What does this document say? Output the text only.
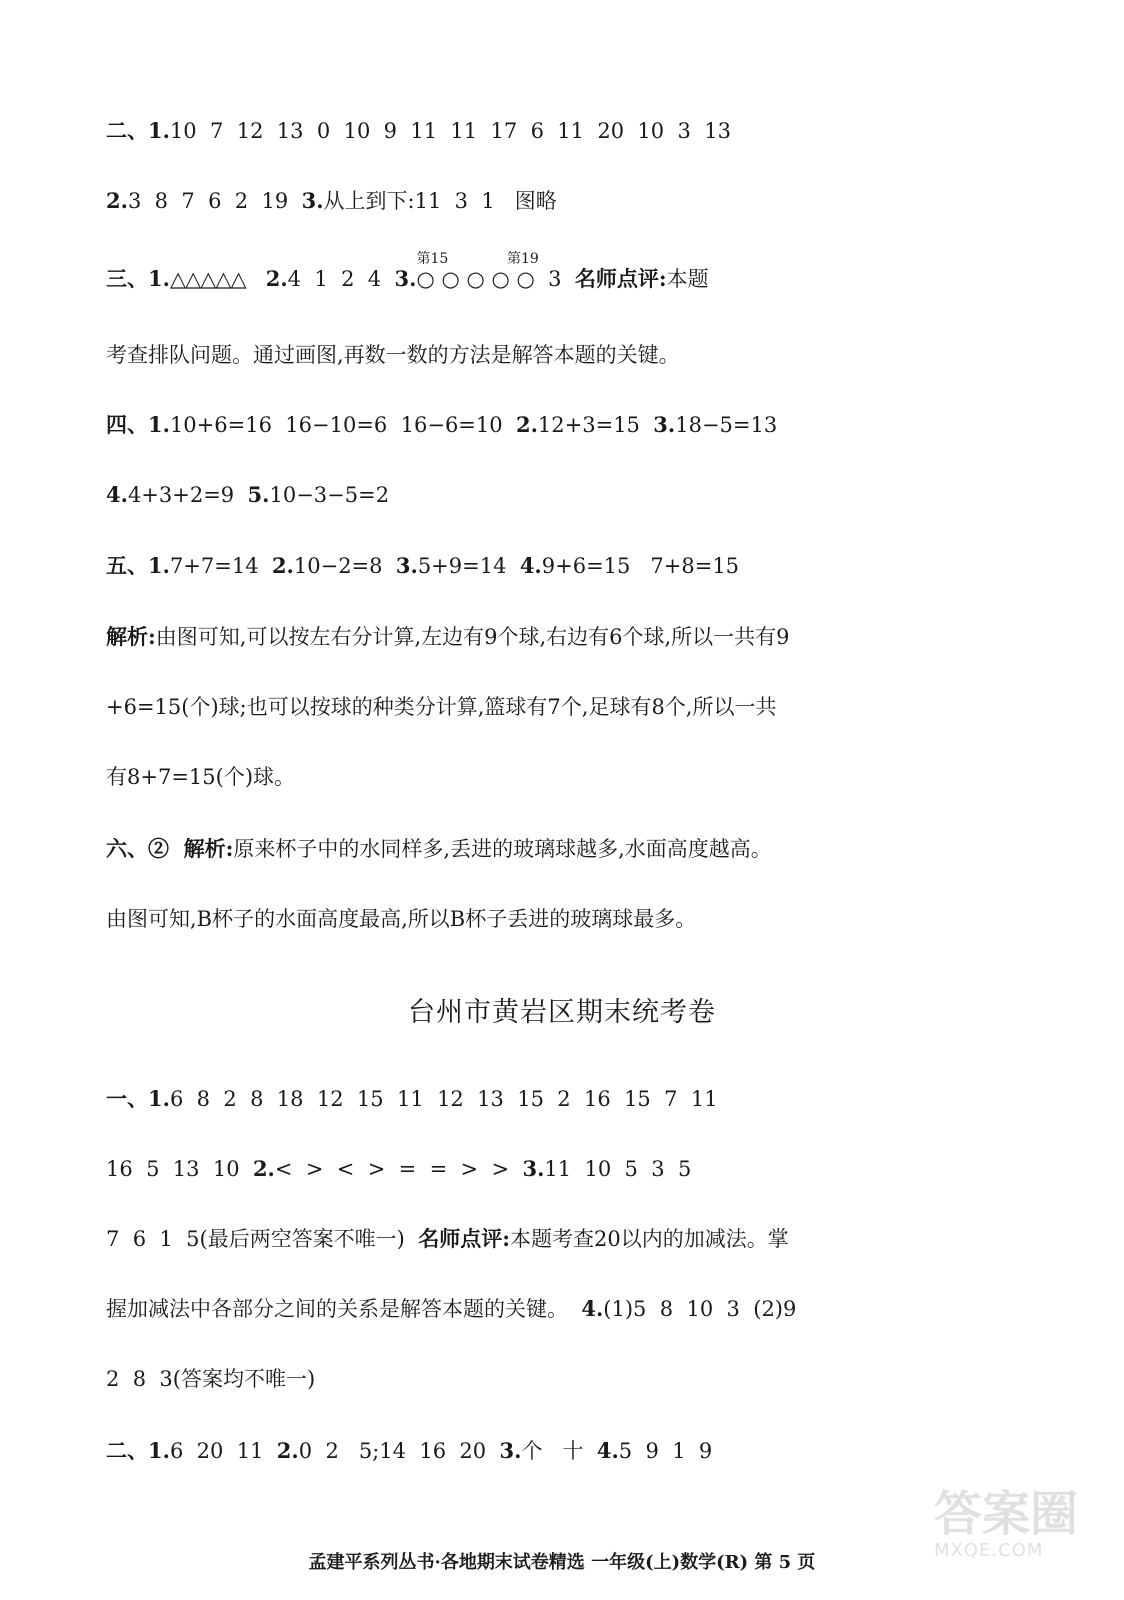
二、1.10  7  12  13  0  10  9  11  11  17  6  11  20  10  3  13
2.3  8  7  6  2  19  3.从上到下:11  3  1   图略
三、1.△△△△△ 2.4  1  2  4  3.
第15
○ ○ ○ ○ ○
第19
3  名师点评:本题
考查排队问题。通过画图,再数一数的方法是解答本题的关键。
四、1.10+6=16  16−10=6  16−6=10  2.12+3=15  3.18−5=13
4.4+3+2=9  5.10−3−5=2
五、1.7+7=14  2.10−2=8  3.5+9=14  4.9+6=15   7+8=15
解析:由图可知,可以按左右分计算,左边有9个球,右边有6个球,所以一共有9
+6=15(个)球;也可以按球的种类分计算,篮球有7个,足球有8个,所以一共
有8+7=15(个)球。
六、②  解析:原来杯子中的水同样多,丢进的玻璃球越多,水面高度越高。
由图可知,B杯子的水面高度最高,所以B杯子丢进的玻璃球最多。
台州市黄岩区期末统考卷
一、1.6  8  2  8  18  12  15  11  12  13  15  2  16  15  7  11
16  5  13  10  2.<  >  <  >  =  =  >  >  3.11  10  5  3  5
7  6  1  5(最后两空答案不唯一)  名师点评:本题考查20以内的加减法。掌
握加减法中各部分之间的关系是解答本题的关键。  4.(1)5  8  10  3  (2)9
2  8  3(答案均不唯一)
二、1.6  20  11  2.0  2   5;14  16  20  3.个   十  4.5  9  1  9
孟建平系列丛书·各地期末试卷精选 一年级(上)数学(R) 第 5 页
答案圈
MXQE.COM
